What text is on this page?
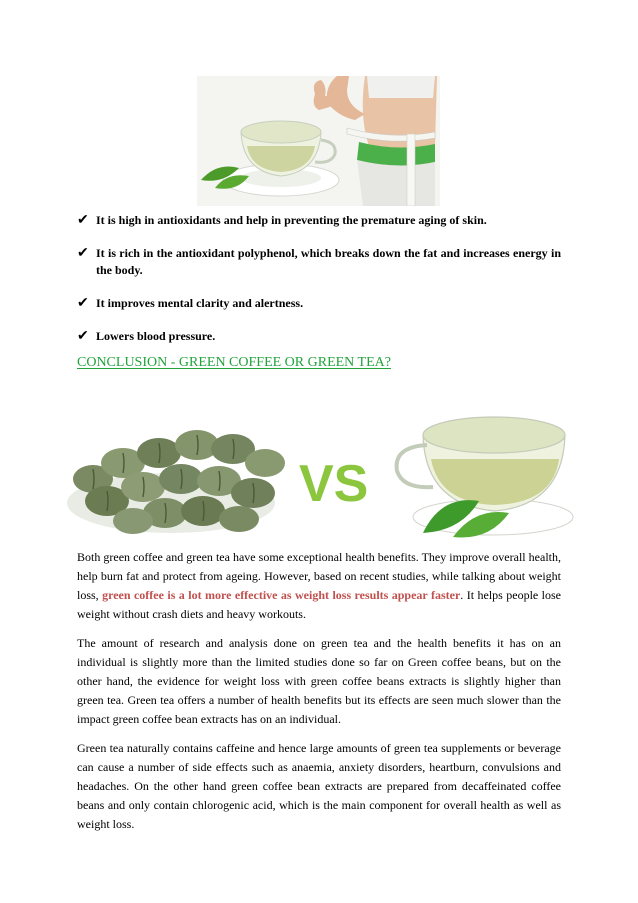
✔ It is high in antioxidants and help in preventing the premature aging of skin.
✔ It is rich in the antioxidant polyphenol, which breaks down the fat and increases energy in the body.
✔ It improves mental clarity and alertness.
✔ Lowers blood pressure.
CONCLUSION - GREEN COFFEE OR GREEN TEA?
VS

Both green coffee and green tea have some exceptional health benefits. They improve overall health, help burn fat and protect from ageing. However, based on recent studies, while talking about weight loss, green coffee is a lot more effective as weight loss results appear faster. It helps people lose weight without crash diets and heavy workouts.

The amount of research and analysis done on green tea and the health benefits it has on an individual is slightly more than the limited studies done so far on Green coffee beans, but on the other hand, the evidence for weight loss with green coffee beans extracts is slightly higher than green tea. Green tea offers a number of health benefits but its effects are seen much slower than the impact green coffee bean extracts has on an individual.

Green tea naturally contains caffeine and hence large amounts of green tea supplements or beverage can cause a number of side effects such as anaemia, anxiety disorders, heartburn, convulsions and headaches. On the other hand green coffee bean extracts are prepared from decaffeinated coffee beans and only contain chlorogenic acid, which is the main component for overall health as well as weight loss.
